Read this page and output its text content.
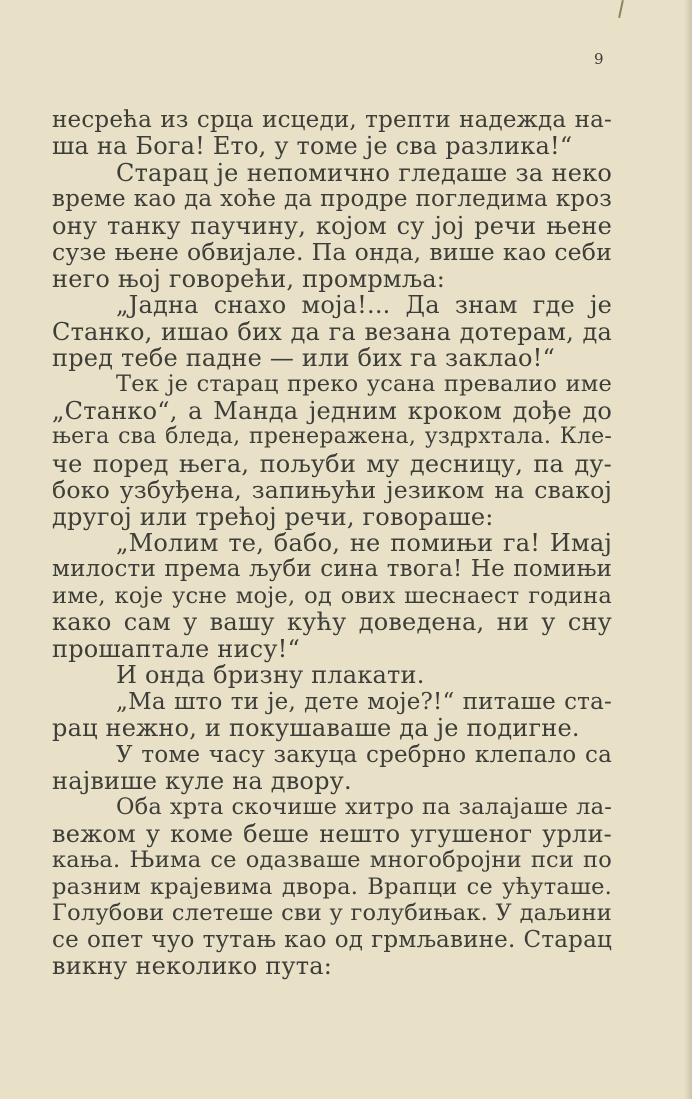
9
несрећа из срца исцеди, трепти надежда на-
ша на Бога! Ето, у томе је сва разлика!“
Старац је непомично гледаше за неко
време као да хоће да продре погледима кроз
ону танку паучину, којом су јој речи њене
сузе њене обвијале. Па онда, више као себи
него њој говорећи, промрмља:
„Јадна снахо моја!... Да знам где је
Станко, ишао бих да га везана дотерам, да
пред тебе падне — или бих га заклао!“
Тек је старац преко усана превалио име
„Станко“, а Манда једним кроком дође до
њега сва бледа, пренеражена, уздрхтала. Кле-
че поред њега, пољуби му десницу, па ду-
боко узбуђена, запињући језиком на свакој
другој или трећој речи, говораше:
„Молим те, бабо, не помињи га! Имај
милости према љуби сина твога! Не помињи
име, које усне моје, од ових шеснаест година
како сам у вашу кућу доведена, ни у сну
прошаптале нису!“
И онда бризну плакати.
„Ма што ти је, дете моје?!“ питаше ста-
рац нежно, и покушаваше да је подигне.
У томе часу закуца сребрно клепало са
највише куле на двору.
Оба хрта скочише хитро па залајаше ла-
вежом у коме беше нешто угушеног урли-
кања. Њима се одазваше многобројни пси по
разним крајевима двора. Врапци се ућуташе.
Голубови слетеше сви у голубињак. У даљини
се опет чуо тутањ као од грмљавине. Старац
викну неколико пута:
